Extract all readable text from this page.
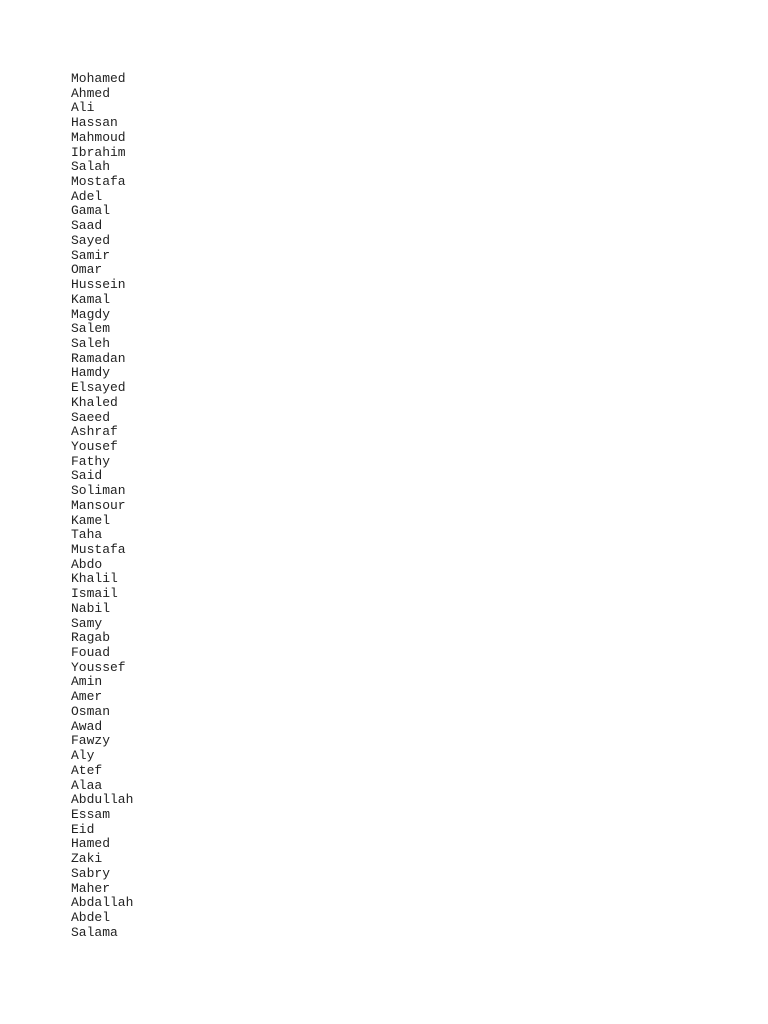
Mohamed
Ahmed
Ali
Hassan
Mahmoud
Ibrahim
Salah
Mostafa
Adel
Gamal
Saad
Sayed
Samir
Omar
Hussein
Kamal
Magdy
Salem
Saleh
Ramadan
Hamdy
Elsayed
Khaled
Saeed
Ashraf
Yousef
Fathy
Said
Soliman
Mansour
Kamel
Taha
Mustafa
Abdo
Khalil
Ismail
Nabil
Samy
Ragab
Fouad
Youssef
Amin
Amer
Osman
Awad
Fawzy
Aly
Atef
Alaa
Abdullah
Essam
Eid
Hamed
Zaki
Sabry
Maher
Abdallah
Abdel
Salama
